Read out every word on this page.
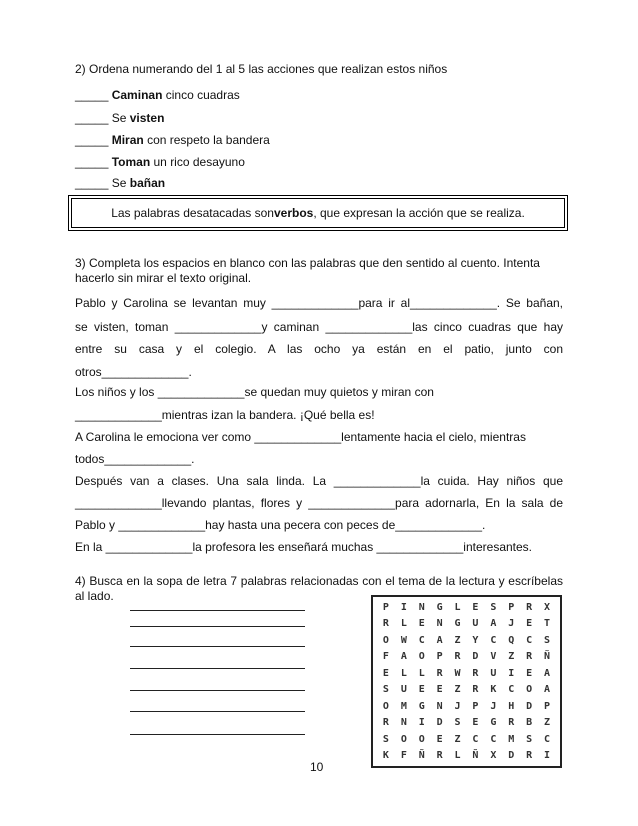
2) Ordena numerando del 1 al 5 las acciones que realizan estos niños
_____ Caminan cinco cuadras
_____ Se visten
_____ Miran con respeto la bandera
_____ Toman un rico desayuno
_____ Se bañan
Las palabras desatacadas son verbos , que expresan la acción que se realiza.
3) Completa los espacios en blanco con las palabras que den sentido al cuento. Intenta hacerlo sin mirar el texto original.
Pablo y Carolina se levantan muy _____________para ir al_____________. Se bañan,
se visten, toman _____________y caminan _____________las cinco cuadras que hay
entre su casa y el colegio. A las ocho ya están en el patio, junto con
otros_____________.
Los niños y los _____________se quedan muy quietos y miran con
_____________mientras izan la bandera. ¡Qué bella es!
A Carolina le emociona ver como _____________lentamente hacia el cielo, mientras
todos_____________.
Después van a clases. Una sala linda. La _____________la cuida. Hay niños que
_____________llevando plantas, flores y _____________para adornarla, En la sala de
Pablo y _____________hay hasta una pecera con peces de_____________.
En la _____________la profesora les enseñará muchas _____________interesantes.
4) Busca en la sopa de letra 7 palabras relacionadas con el tema de la lectura y escríbelas al lado.
P	I	N	G	L	E	S	P	R	X
R	L	E	N	G	U	A	J	E	T
O	W	C	A	Z	Y	C	Q	C	S
F	A	O	P	R	D	V	Z	R	Ñ
E	L	L	R	W	R	U	I	E	A
S	U	E	E	Z	R	K	C	O	A
O	M	G	N	J	P	J	H	D	P
R	N	I	D	S	E	G	R	B	Z
S	O	O	E	Z	C	C	M	S	C
K	F	Ñ	R	L	Ñ	X	D	R	I
10
